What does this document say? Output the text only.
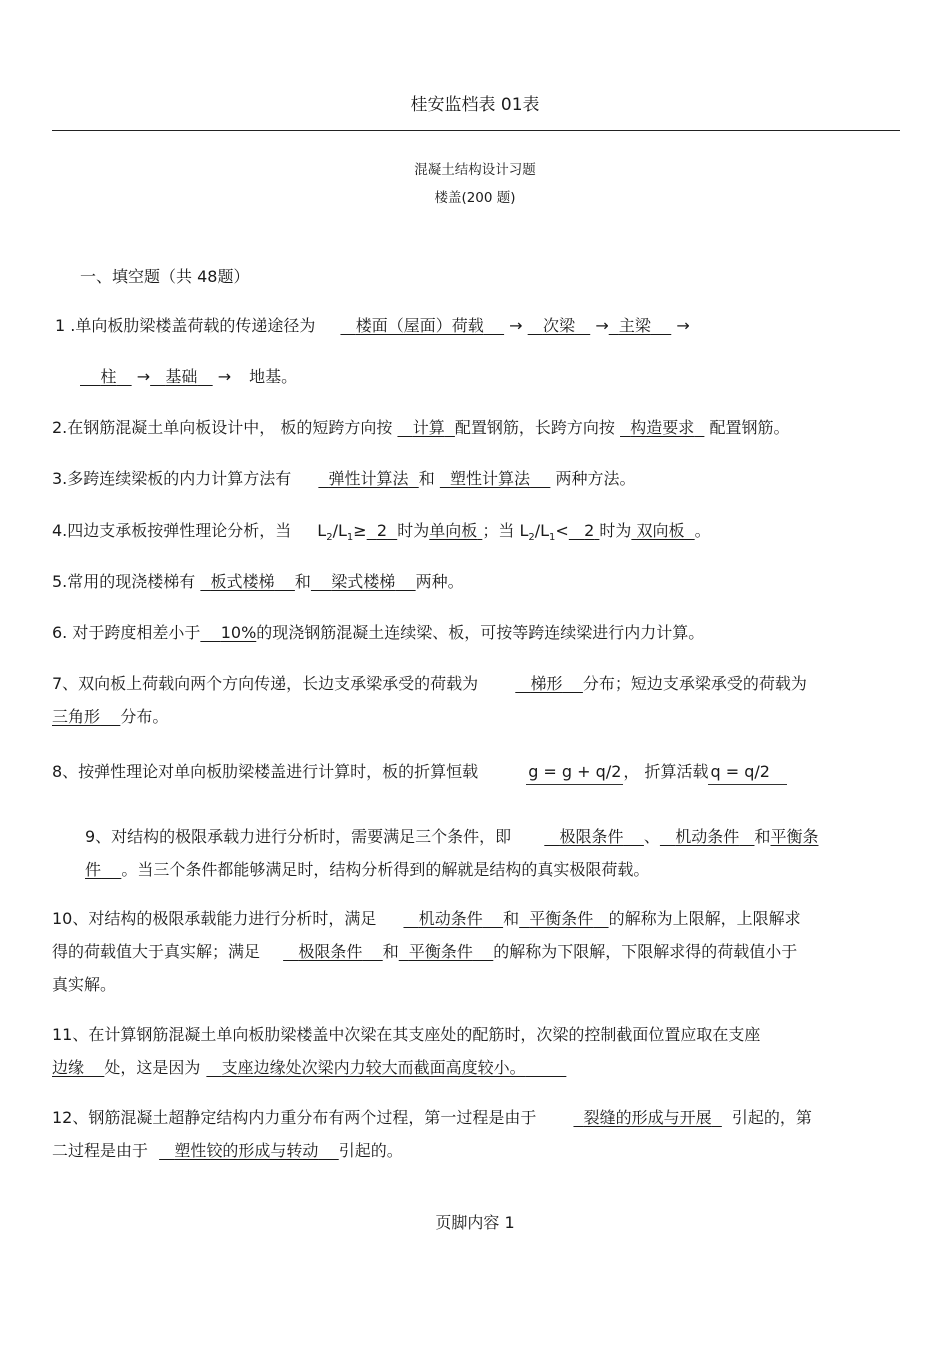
桂安监档表 01表
混凝土结构设计习题
楼盖(200 题)
一、填空题（共 48题）
1 .单向板肋梁楼盖荷载的传递途径为	楼面（屋面）荷载 → 次梁 → 主梁 →
柱 → 基础 → 地基。
2.在钢筋混凝土单向板设计中， 板的短跨方向按 计算 配置钢筋，长跨方向按 构造要求 配置钢筋。
3.多跨连续梁板的内力计算方法有 弹性计算法 和 塑性计算法 两种方法。
4.四边支承板按弹性理论分析，当 $L_2/L_1\ge 2$ 时为单向板 ；当 $L_2/L_1< 2$ 时为 双向板 。
5.常用的现浇楼梯有 板式楼梯 和 梁式楼梯 两种。
6. 对于跨度相差小于 10%的现浇钢筋混凝土连续梁、板，可按等跨连续梁进行内力计算。
7、双向板上荷载向两个方向传递，长边支承梁承受的荷载为	梯形 分布；短边支承梁承受的荷载为
三角形 分布。
8、按弹性理论对单向板肋梁楼盖进行计算时，板的折算恒载	g = g + q/2 ， 折算活载 q = q/2
9、对结构的极限承载力进行分析时，需要满足三个条件，即	极限条件 、 机动条件 和平衡条
件 。当三个条件都能够满足时，结构分析得到的解就是结构的真实极限荷载。
10、对结构的极限承载能力进行分析时，满足	机动条件 和 平衡条件 的解称为上限解，上限解求
得的荷载值大于真实解；满足 极限条件 和 平衡条件 的解称为下限解，下限解求得的荷载值小于
真实解。
11、在计算钢筋混凝土单向板肋梁楼盖中次梁在其支座处的配筋时，次梁的控制截面位置应取在支座
边缘 处，这是因为 支座边缘处次梁内力较大而截面高度较小。
12、钢筋混凝土超静定结构内力重分布有两个过程，第一过程是由于	裂缝的形成与开展 引起的，第
二过程是由于 塑性铰的形成与转动 引起的。
页脚内容 1
